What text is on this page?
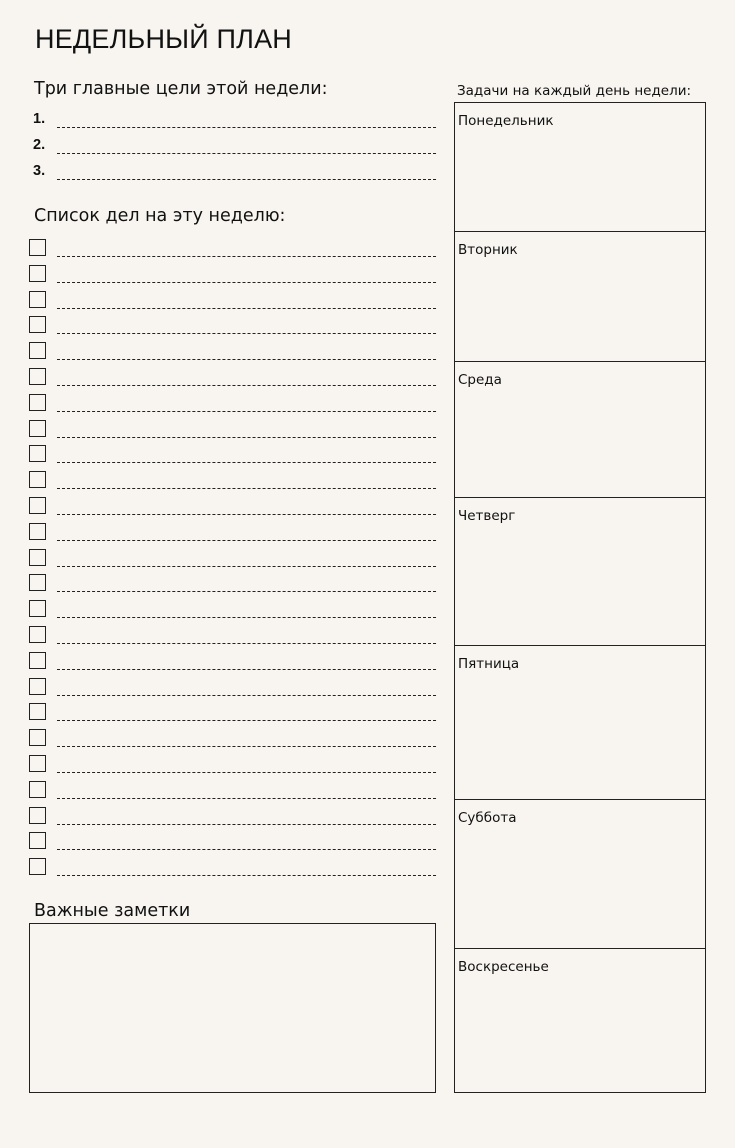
НЕДЕЛЬНЫЙ ПЛАН
Три главные цели этой недели:
1.
2.
3.
Список дел на эту неделю:
Важные заметки
Задачи на каждый день недели:
Понедельник
Вторник
Среда
Четверг
Пятница
Суббота
Воскресенье
